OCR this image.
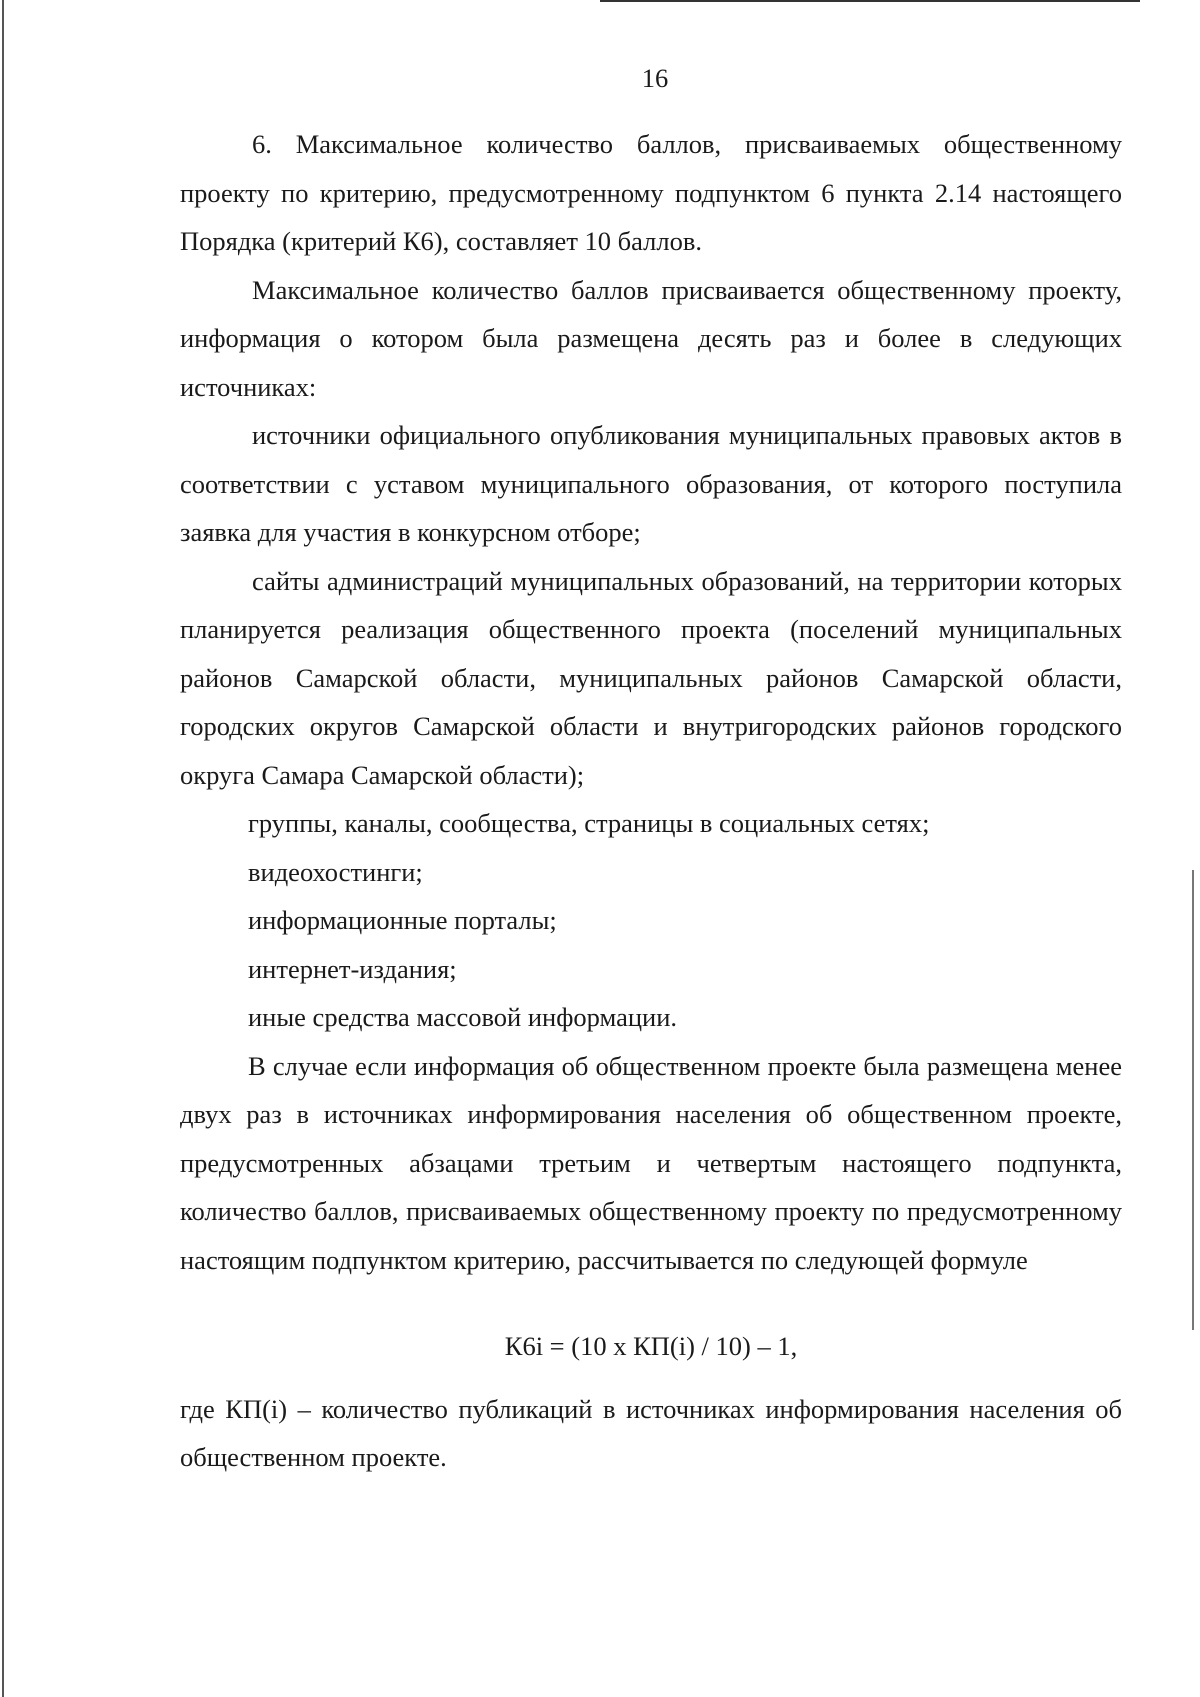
16

6. Максимальное количество баллов, присваиваемых общественному проекту по критерию, предусмотренному подпунктом 6 пункта 2.14 настоящего Порядка (критерий К6), составляет 10 баллов.

Максимальное количество баллов присваивается общественному проекту, информация о котором была размещена десять раз и более в следующих источниках:

источники официального опубликования муниципальных правовых актов в соответствии с уставом муниципального образования, от которого поступила заявка для участия в конкурсном отборе;

сайты администраций муниципальных образований, на территории которых планируется реализация общественного проекта (поселений муниципальных районов Самарской области, муниципальных районов Самарской области, городских округов Самарской области и внутригородских районов городского округа Самара Самарской области);

группы, каналы, сообщества, страницы в социальных сетях;

видеохостинги;

информационные порталы;

интернет-издания;

иные средства массовой информации.

В случае если информация об общественном проекте была размещена менее двух раз в источниках информирования населения об общественном проекте, предусмотренных абзацами третьим и четвертым настоящего подпункта, количество баллов, присваиваемых общественному проекту по предусмотренному настоящим подпунктом критерию, рассчитывается по следующей формуле

К6i = (10 х КП(i) / 10) – 1,

где КП(i) – количество публикаций в источниках информирования населения об общественном проекте.
